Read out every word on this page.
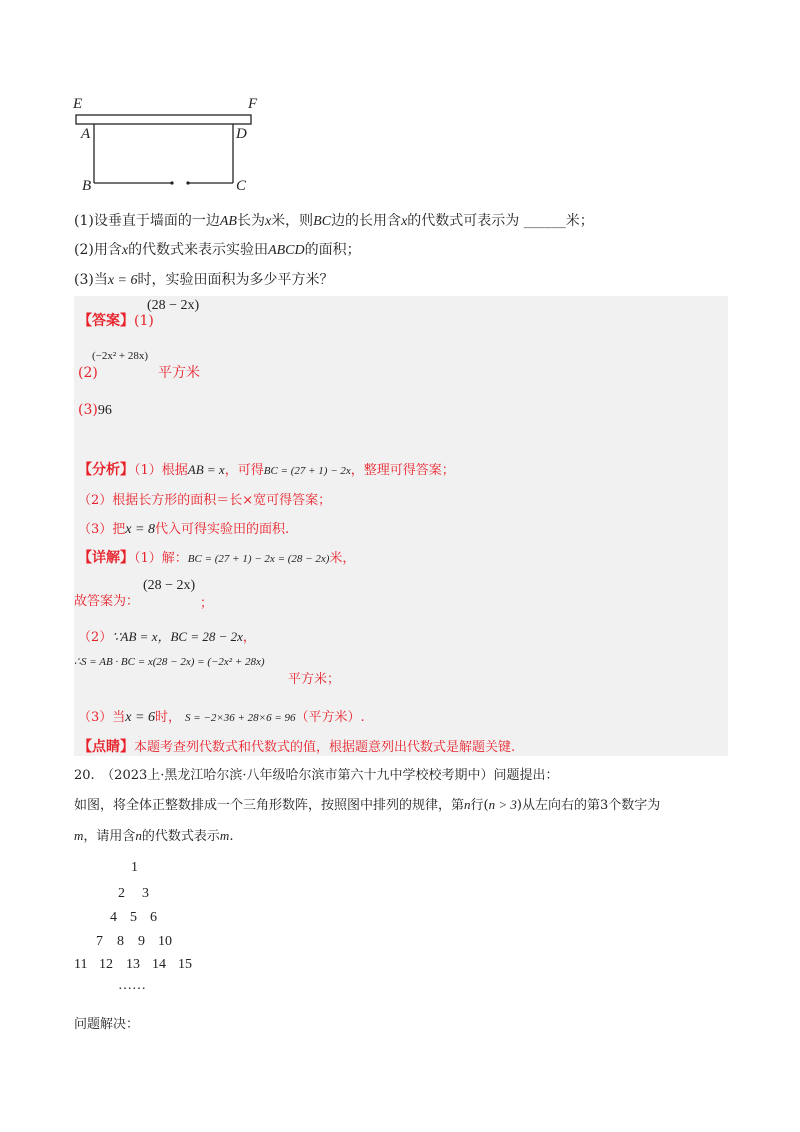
E	F
A	D
B	C
(1)设垂直于墙面的一边AB长为x米，则BC边的长用含x的代数式可表示为 ______米；
(2)用含x的代数式来表示实验田ABCD的面积；
(3)当x = 6时，实验田面积为多少平方米？
【答案】(1)
(28 − 2x)
(2)
(−2x² + 28x)
平方米
(3)96
【分析】（1）根据AB = x，可得BC = (27 + 1) − 2x，整理可得答案；
（2）根据长方形的面积＝长×宽可得答案；
（3）把x = 8代入可得实验田的面积.
【详解】（1）解：BC = (27 + 1) − 2x = (28 − 2x)米，
故答案为：
(28 − 2x)
；
（2）∵AB = x，BC = 28 − 2x，
∴S = AB · BC = x(28 − 2x) = (−2x² + 28x)
平方米；
（3）当x = 6时， S = −2×36 + 28×6 = 96（平方米）.
【点睛】本题考查列代数式和代数式的值，根据题意列出代数式是解题关键.
20.　（2023上·黑龙江哈尔滨·八年级哈尔滨市第六十九中学校校考期中）问题提出：
如图，将全体正整数排成一个三角形数阵，按照图中排列的规律，第n行(n > 3)从左向右的第3个数字为
m，请用含n的代数式表示m.
1
2 3
4 5 6
7 8 9 10
11 12 13 14 15
……
问题解决：
